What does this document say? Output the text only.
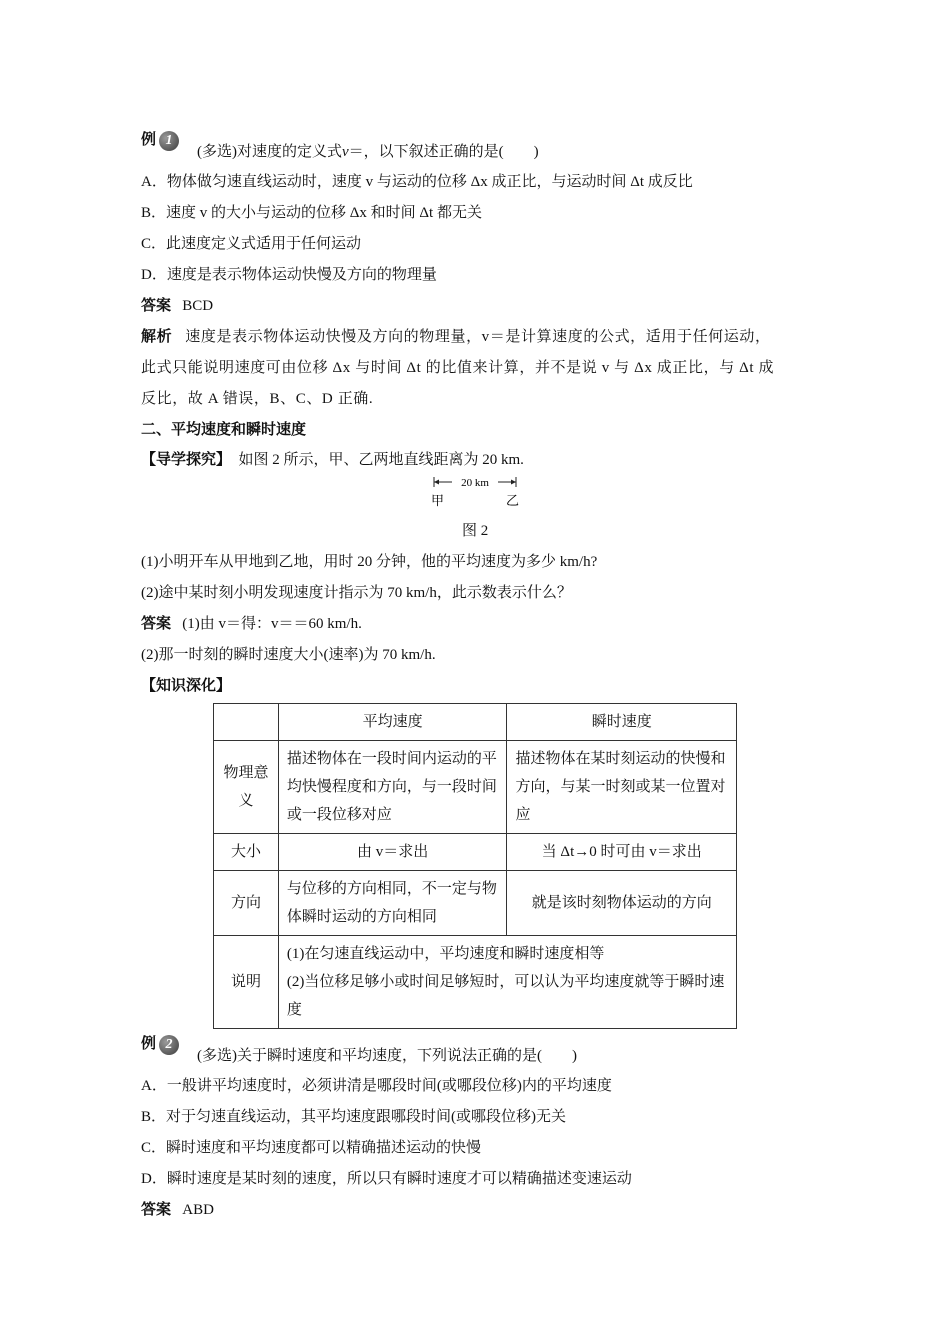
例 1
(多选)对速度的定义式v＝，以下叙述正确的是(　　)
A．物体做匀速直线运动时，速度 v 与运动的位移 Δx 成正比，与运动时间 Δt 成反比
B．速度 v 的大小与运动的位移 Δx 和时间 Δt 都无关
C．此速度定义式适用于任何运动
D．速度是表示物体运动快慢及方向的物理量
答案 BCD
解析 速度是表示物体运动快慢及方向的物理量，v＝是计算速度的公式，适用于任何运动，
此式只能说明速度可由位移 Δx 与时间 Δt 的比值来计算，并不是说 v 与 Δx 成正比，与 Δt 成
反比，故 A 错误，B、C、D 正确.
二、平均速度和瞬时速度
【导学探究】 如图 2 所示，甲、乙两地直线距离为 20 km.
20 km
甲	乙
图 2
(1)小明开车从甲地到乙地，用时 20 分钟，他的平均速度为多少 km/h?
(2)途中某时刻小明发现速度计指示为 70 km/h，此示数表示什么？
答案 (1)由 v＝得：v＝＝60 km/h.
(2)那一时刻的瞬时速度大小(速率)为 70 km/h.
【知识深化】
	平均速度	瞬时速度
物理意义	描述物体在一段时间内运动的平均快慢程度和方向，与一段时间或一段位移对应	描述物体在某时刻运动的快慢和方向，与某一时刻或某一位置对应
大小	由 v＝求出	当 Δt→0 时可由 v＝求出
方向	与位移的方向相同，不一定与物体瞬时运动的方向相同	就是该时刻物体运动的方向
说明	(1)在匀速直线运动中，平均速度和瞬时速度相等
(2)当位移足够小或时间足够短时，可以认为平均速度就等于瞬时速度	
例 2
(多选)关于瞬时速度和平均速度，下列说法正确的是(　　)
A．一般讲平均速度时，必须讲清是哪段时间(或哪段位移)内的平均速度
B．对于匀速直线运动，其平均速度跟哪段时间(或哪段位移)无关
C．瞬时速度和平均速度都可以精确描述运动的快慢
D．瞬时速度是某时刻的速度，所以只有瞬时速度才可以精确描述变速运动
答案 ABD
